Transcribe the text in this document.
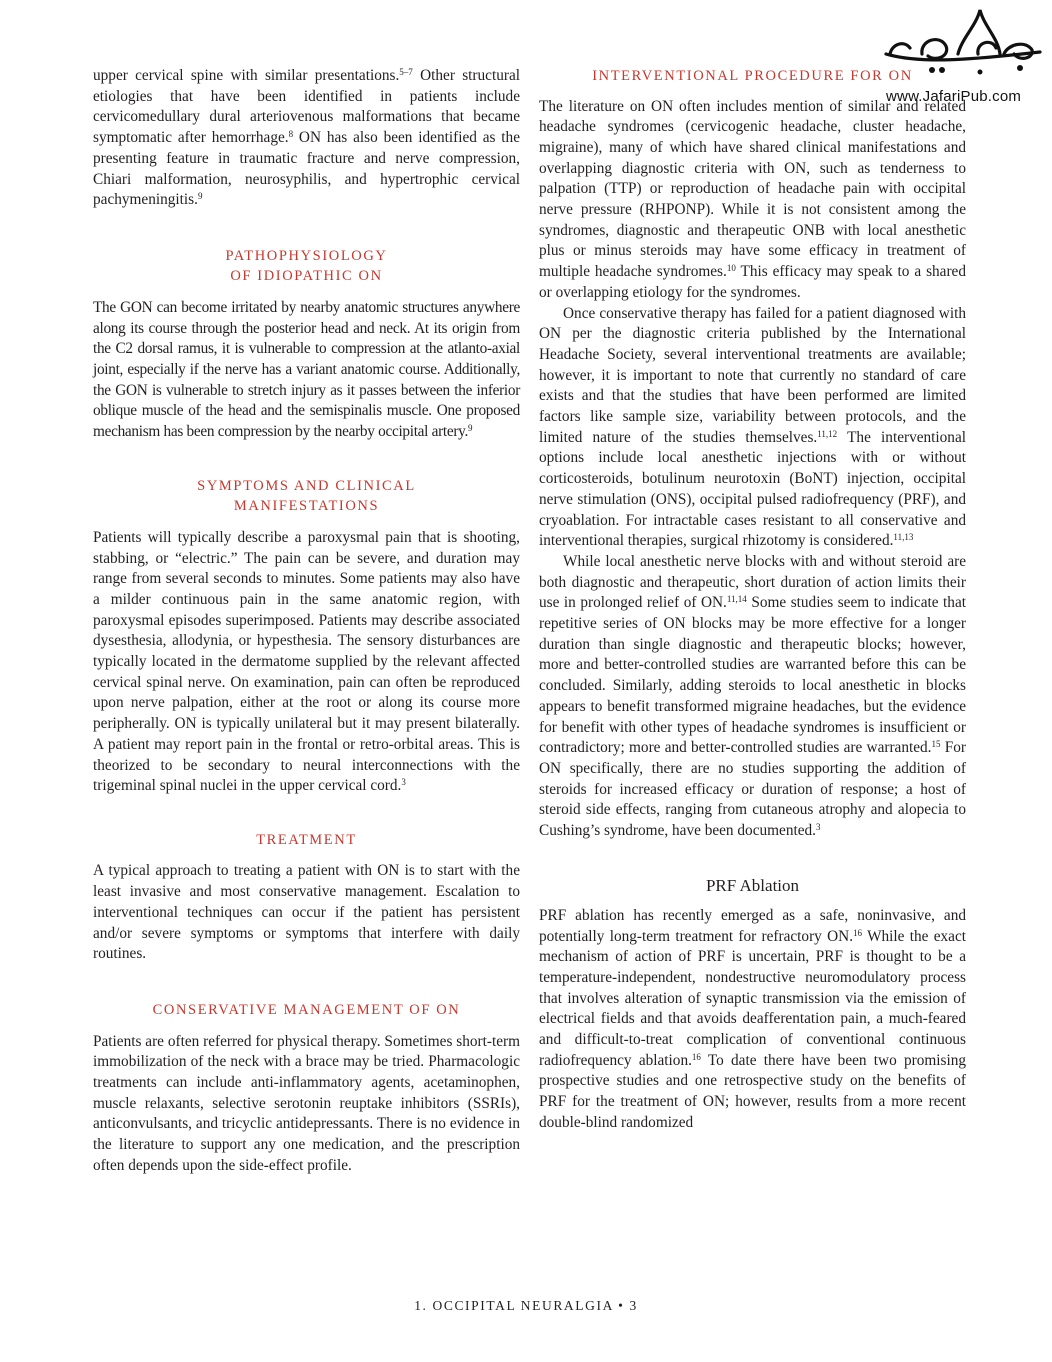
www.JafariPub.com

upper cervical spine with similar presentations.$^{5-7}$ Other structural etiologies that have been identified in patients include cervicomedullary dural arteriovenous malformations that became symptomatic after hemorrhage.$^8$ ON has also been identified as the presenting feature in traumatic fracture and nerve compression, Chiari malformation, neurosyphilis, and hypertrophic cervical pachymeningitis.$^9$

PATHOPHYSIOLOGY
OF IDIOPATHIC ON

The GON can become irritated by nearby anatomic structures anywhere along its course through the posterior head and neck. At its origin from the C2 dorsal ramus, it is vulnerable to compression at the atlanto-axial joint, especially if the nerve has a variant anatomic course. Additionally, the GON is vulnerable to stretch injury as it passes between the inferior oblique muscle of the head and the semispinalis muscle. One proposed mechanism has been compression by the nearby occipital artery.$^9$

SYMPTOMS AND CLINICAL
MANIFESTATIONS

Patients will typically describe a paroxysmal pain that is shooting, stabbing, or “electric.” The pain can be severe, and duration may range from several seconds to minutes. Some patients may also have a milder continuous pain in the same anatomic region, with paroxysmal episodes superimposed. Patients may describe associated dysesthesia, allodynia, or hypesthesia. The sensory disturbances are typically located in the dermatome supplied by the relevant affected cervical spinal nerve. On examination, pain can often be reproduced upon nerve palpation, either at the root or along its course more peripherally. ON is typically unilateral but it may present bilaterally. A patient may report pain in the frontal or retro-orbital areas. This is theorized to be secondary to neural interconnections with the trigeminal spinal nuclei in the upper cervical cord.$^3$

TREATMENT

A typical approach to treating a patient with ON is to start with the least invasive and most conservative management. Escalation to interventional techniques can occur if the patient has persistent and/or severe symptoms or symptoms that interfere with daily routines.

CONSERVATIVE MANAGEMENT OF ON

Patients are often referred for physical therapy. Sometimes short-term immobilization of the neck with a brace may be tried. Pharmacologic treatments can include anti-inflammatory agents, acetaminophen, muscle relaxants, selective serotonin reuptake inhibitors (SSRIs), anticonvulsants, and tricyclic antidepressants. There is no evidence in the literature to support any one medication, and the prescription often depends upon the side-effect profile.

INTERVENTIONAL PROCEDURE FOR ON

The literature on ON often includes mention of similar and related headache syndromes (cervicogenic headache, cluster headache, migraine), many of which have shared clinical manifestations and overlapping diagnostic criteria with ON, such as tenderness to palpation (TTP) or reproduction of headache pain with occipital nerve pressure (RHPONP). While it is not consistent among the syndromes, diagnostic and therapeutic ONB with local anesthetic plus or minus steroids may have some efficacy in treatment of multiple headache syndromes.$^{10}$ This efficacy may speak to a shared or overlapping etiology for the syndromes.

Once conservative therapy has failed for a patient diagnosed with ON per the diagnostic criteria published by the International Headache Society, several interventional treatments are available; however, it is important to note that currently no standard of care exists and that the studies that have been performed are limited factors like sample size, variability between protocols, and the limited nature of the studies themselves.$^{11,12}$ The interventional options include local anesthetic injections with or without corticosteroids, botulinum neurotoxin (BoNT) injection, occipital nerve stimulation (ONS), occipital pulsed radiofrequency (PRF), and cryoablation. For intractable cases resistant to all conservative and interventional therapies, surgical rhizotomy is considered.$^{11,13}$

While local anesthetic nerve blocks with and without steroid are both diagnostic and therapeutic, short duration of action limits their use in prolonged relief of ON.$^{11,14}$ Some studies seem to indicate that repetitive series of ON blocks may be more effective for a longer duration than single diagnostic and therapeutic blocks; however, more and better-controlled studies are warranted before this can be concluded. Similarly, adding steroids to local anesthetic in blocks appears to benefit transformed migraine headaches, but the evidence for benefit with other types of headache syndromes is insufficient or contradictory; more and better-controlled studies are warranted.$^{15}$ For ON specifically, there are no studies supporting the addition of steroids for increased efficacy or duration of response; a host of steroid side effects, ranging from cutaneous atrophy and alopecia to Cushing’s syndrome, have been documented.$^3$

PRF Ablation

PRF ablation has recently emerged as a safe, noninvasive, and potentially long-term treatment for refractory ON.$^{16}$ While the exact mechanism of action of PRF is uncertain, PRF is thought to be a temperature-independent, nondestructive neuromodulatory process that involves alteration of synaptic transmission via the emission of electrical fields and that avoids deafferentation pain, a much-feared and difficult-to-treat complication of conventional continuous radiofrequency ablation.$^{16}$ To date there have been two promising prospective studies and one retrospective study on the benefits of PRF for the treatment of ON; however, results from a more recent double-blind randomized

1. OCCIPITAL NEURALGIA • 3
